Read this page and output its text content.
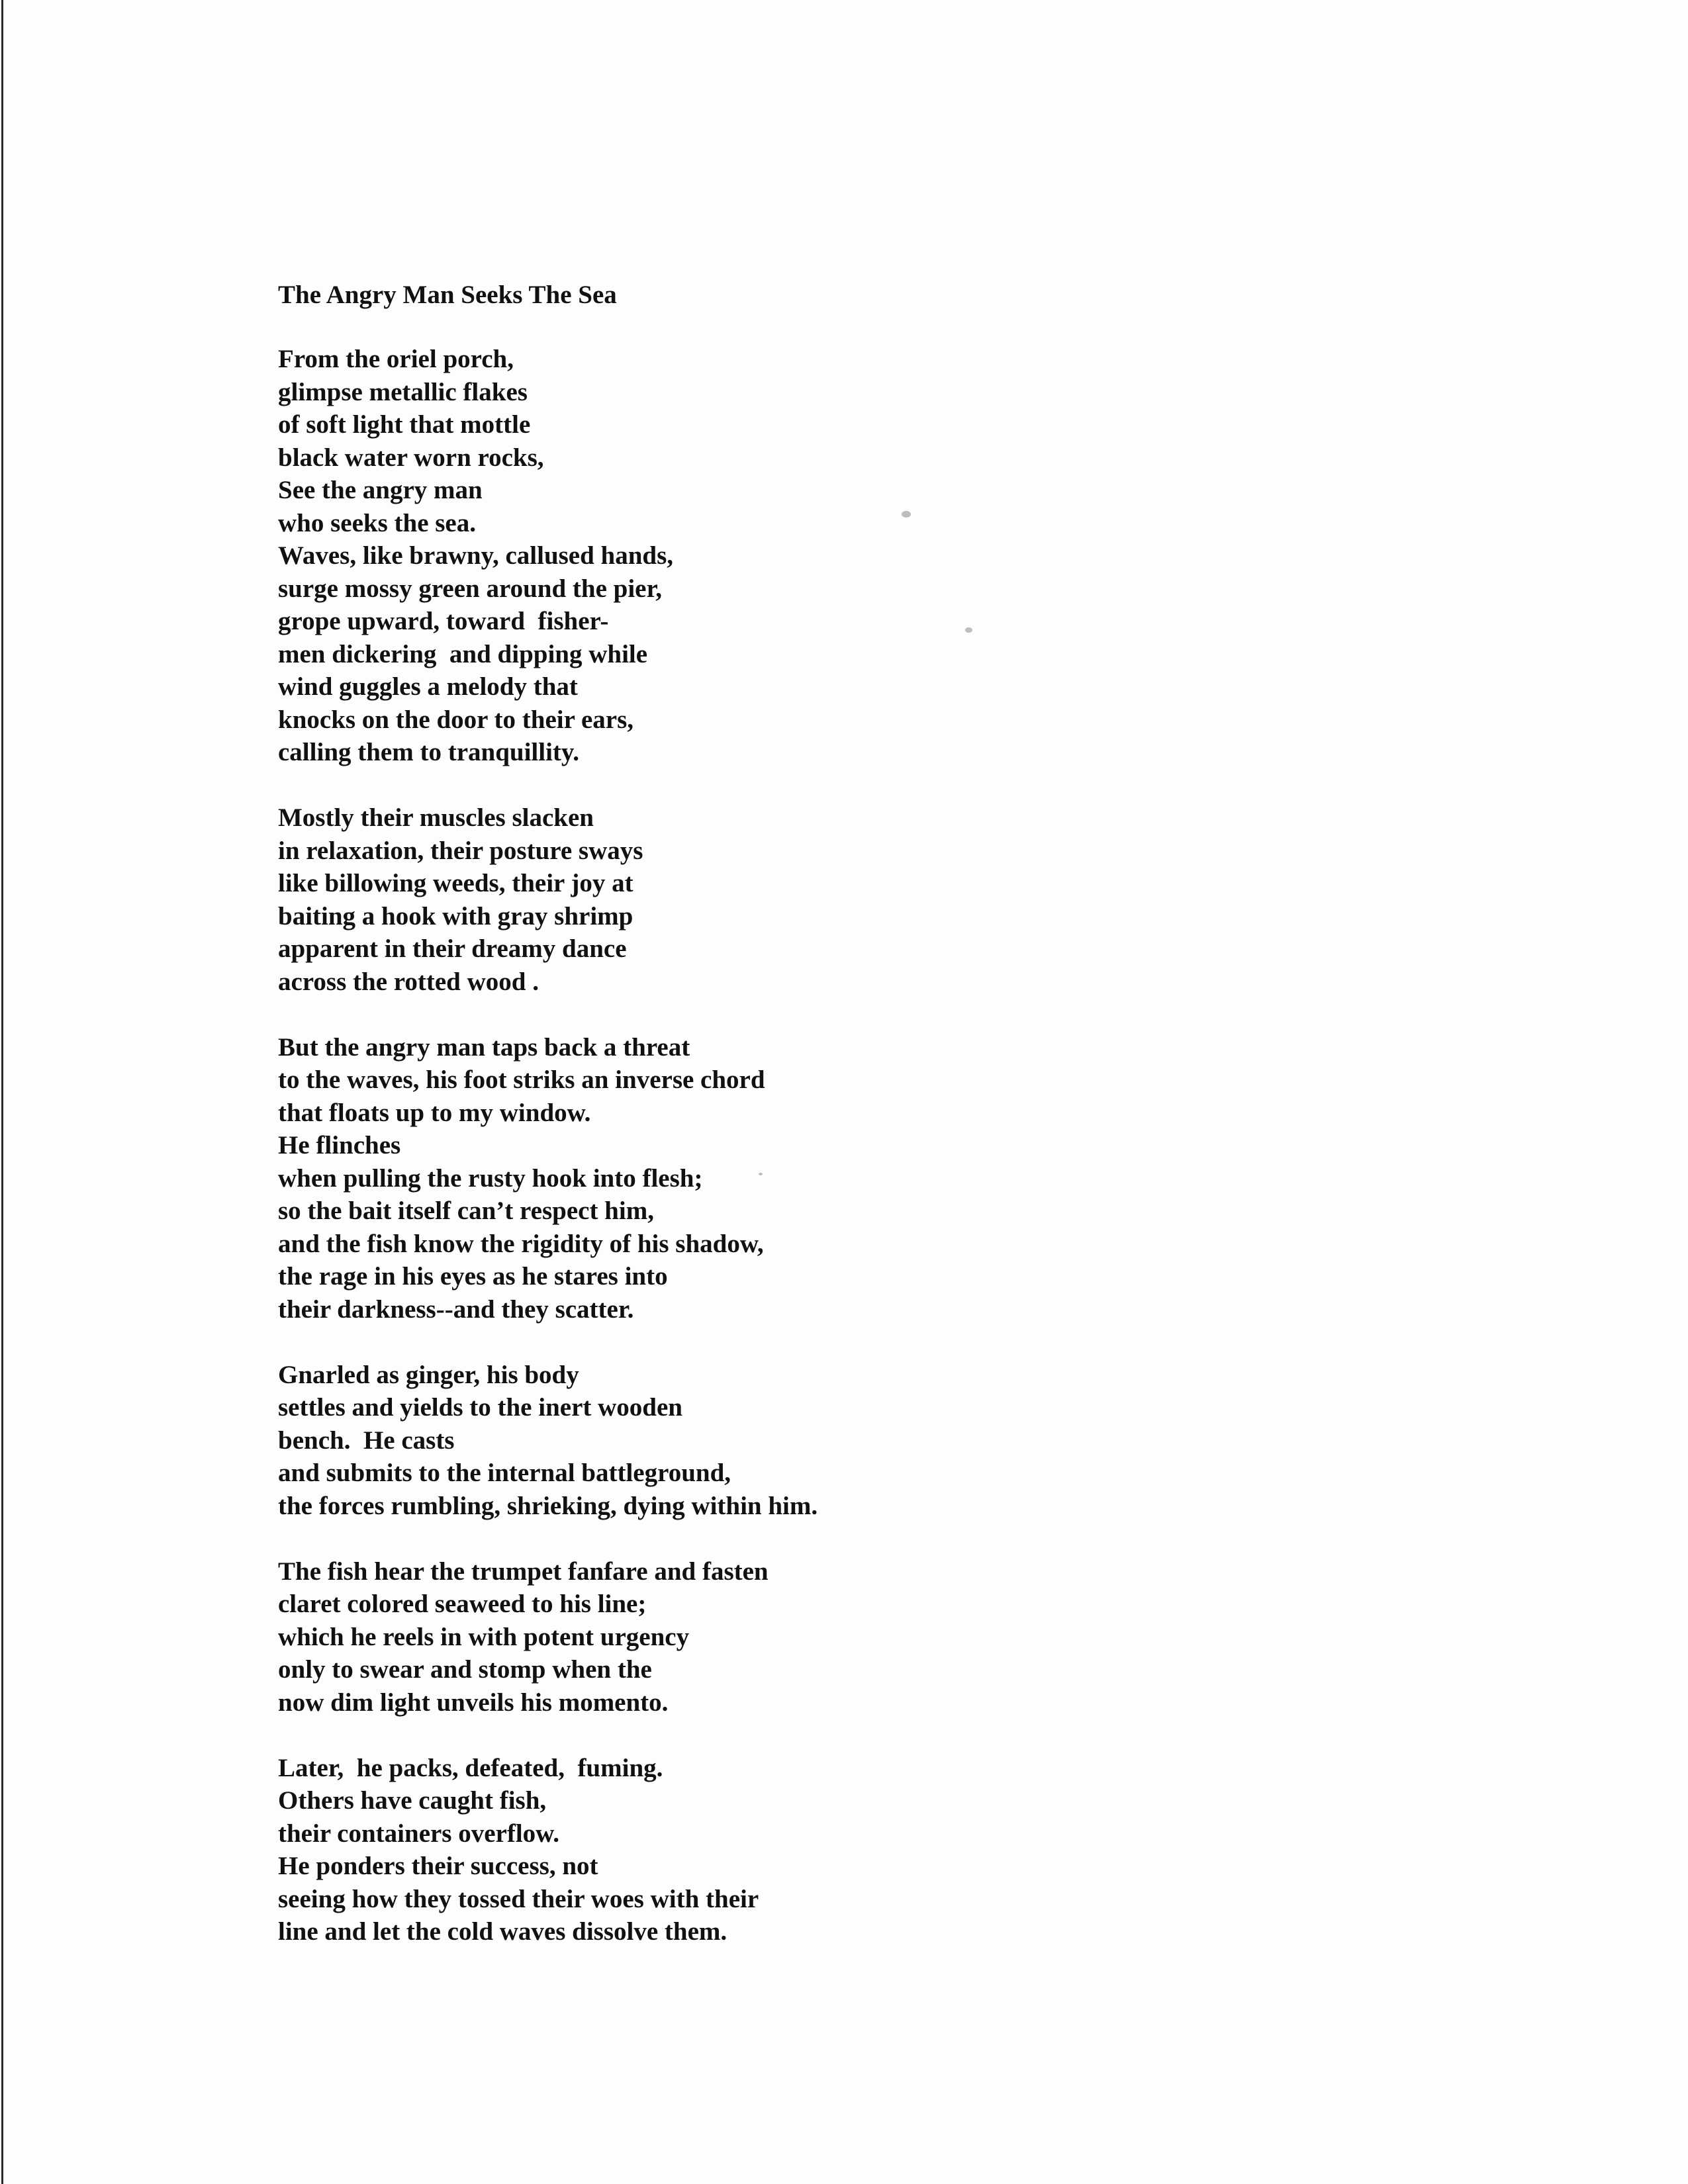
The Angry Man Seeks The Sea
From the oriel porch,
glimpse metallic flakes
of soft light that mottle
black water worn rocks,
See the angry man
who seeks the sea.
Waves, like brawny, callused hands,
surge mossy green around the pier,
grope upward, toward  fisher-
men dickering  and dipping while
wind guggles a melody that
knocks on the door to their ears,
calling them to tranquillity.
Mostly their muscles slacken
in relaxation, their posture sways
like billowing weeds, their joy at
baiting a hook with gray shrimp
apparent in their dreamy dance
across the rotted wood .
But the angry man taps back a threat
to the waves, his foot striks an inverse chord
that floats up to my window.
He flinches
when pulling the rusty hook into flesh;
so the bait itself can’t respect him,
and the fish know the rigidity of his shadow,
the rage in his eyes as he stares into
their darkness--and they scatter.
Gnarled as ginger, his body
settles and yields to the inert wooden
bench.  He casts
and submits to the internal battleground,
the forces rumbling, shrieking, dying within him.
The fish hear the trumpet fanfare and fasten
claret colored seaweed to his line;
which he reels in with potent urgency
only to swear and stomp when the
now dim light unveils his momento.
Later,  he packs, defeated,  fuming.
Others have caught fish,
their containers overflow.
He ponders their success, not
seeing how they tossed their woes with their
line and let the cold waves dissolve them.
